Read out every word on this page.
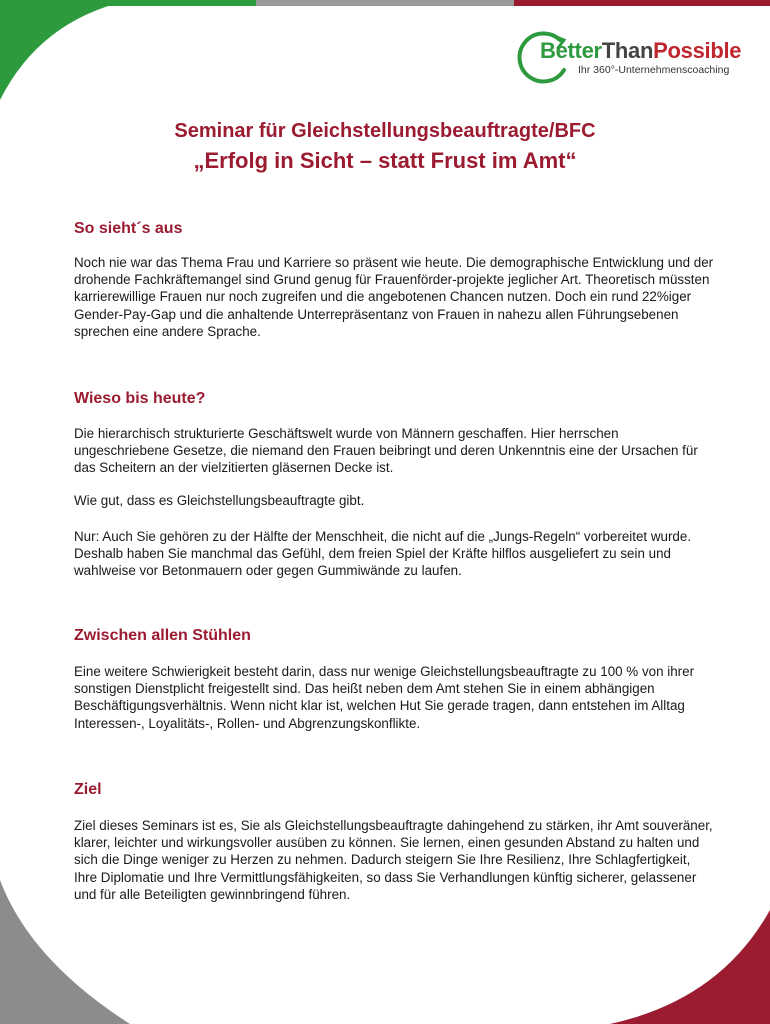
BetterThanPossible
Ihr 360°-Unternehmenscoaching
Seminar für Gleichstellungsbeauftragte/BFC
„Erfolg in Sicht – statt Frust im Amt“
So sieht´s aus

Noch nie war das Thema Frau und Karriere so präsent wie heute. Die demographische Entwicklung und der drohende Fachkräftemangel sind Grund genug für Frauenförder-projekte jeglicher Art. Theoretisch müssten karrierewillige Frauen nur noch zugreifen und die angebotenen Chancen nutzen. Doch ein rund 22%iger Gender-Pay-Gap und die anhaltende Unterrepräsentanz von Frauen in nahezu allen Führungsebenen sprechen eine andere Sprache.

Wieso bis heute?

Die hierarchisch strukturierte Geschäftswelt wurde von Männern geschaffen. Hier herrschen ungeschriebene Gesetze, die niemand den Frauen beibringt und deren Unkenntnis eine der Ursachen für das Scheitern an der vielzitierten gläsernen Decke ist.

Wie gut, dass es Gleichstellungsbeauftragte gibt.

Nur: Auch Sie gehören zu der Hälfte der Menschheit, die nicht auf die „Jungs-Regeln“ vorbereitet wurde. Deshalb haben Sie manchmal das Gefühl, dem freien Spiel der Kräfte hilflos ausgeliefert zu sein und wahlweise vor Betonmauern oder gegen Gummiwände zu laufen.

Zwischen allen Stühlen

Eine weitere Schwierigkeit besteht darin, dass nur wenige Gleichstellungsbeauftragte zu 100 % von ihrer sonstigen Dienstplicht freigestellt sind. Das heißt neben dem Amt stehen Sie in einem abhängigen Beschäftigungsverhältnis. Wenn nicht klar ist, welchen Hut Sie gerade tragen, dann entstehen im Alltag Interessen-, Loyalitäts-, Rollen- und Abgrenzungskonflikte.

Ziel

Ziel dieses Seminars ist es, Sie als Gleichstellungsbeauftragte dahingehend zu stärken, ihr Amt souveräner, klarer, leichter und wirkungsvoller ausüben zu können. Sie lernen, einen gesunden Abstand zu halten und sich die Dinge weniger zu Herzen zu nehmen. Dadurch steigern Sie Ihre Resilienz, Ihre Schlagfertigkeit, Ihre Diplomatie und Ihre Vermittlungsfähigkeiten, so dass Sie Verhandlungen künftig sicherer, gelassener und für alle Beteiligten gewinnbringend führen.
